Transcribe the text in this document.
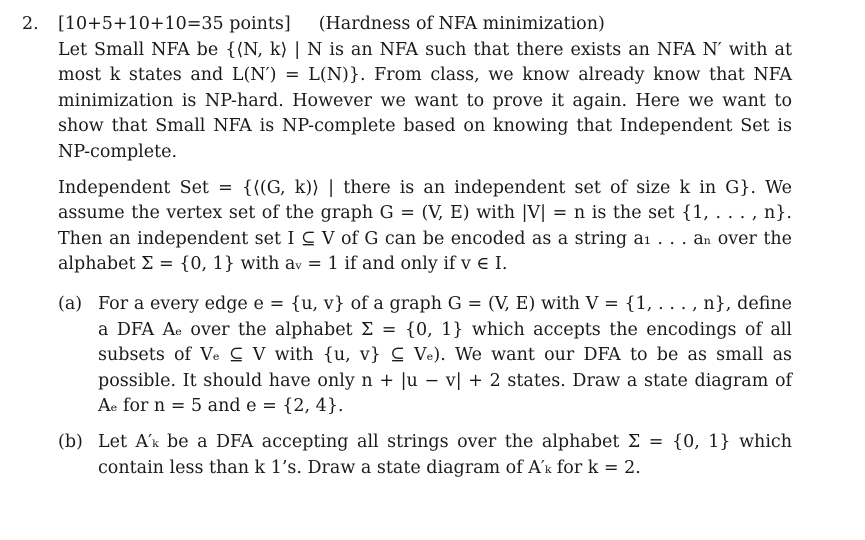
2.	[10+5+10+10=35 points] (Hardness of NFA minimization)

Let Small NFA be {⟨N, k⟩ | N is an NFA such that there exists an NFA N′ with at most k states and L(N′) = L(N)}. From class, we know already know that NFA minimization is NP-hard. However we want to prove it again. Here we want to show that Small NFA is NP-complete based on knowing that Independent Set is NP-complete.

Independent Set = {⟨(G, k)⟩ | there is an independent set of size k in G}. We assume the vertex set of the graph G = (V, E) with |V| = n is the set {1, . . . , n}. Then an independent set I ⊆ V of G can be encoded as a string a₁ . . . aₙ over the alphabet Σ = {0, 1} with aᵥ = 1 if and only if v ∈ I.

(a) For a every edge e = {u, v} of a graph G = (V, E) with V = {1, . . . , n}, define a DFA Aₑ over the alphabet Σ = {0, 1} which accepts the encodings of all subsets of Vₑ ⊆ V with {u, v} ⊆ Vₑ). We want our DFA to be as small as possible. It should have only n + |u − v| + 2 states. Draw a state diagram of Aₑ for n = 5 and e = {2, 4}.
(b) Let A′ₖ be a DFA accepting all strings over the alphabet Σ = {0, 1} which contain less than k 1’s. Draw a state diagram of A′ₖ for k = 2.
